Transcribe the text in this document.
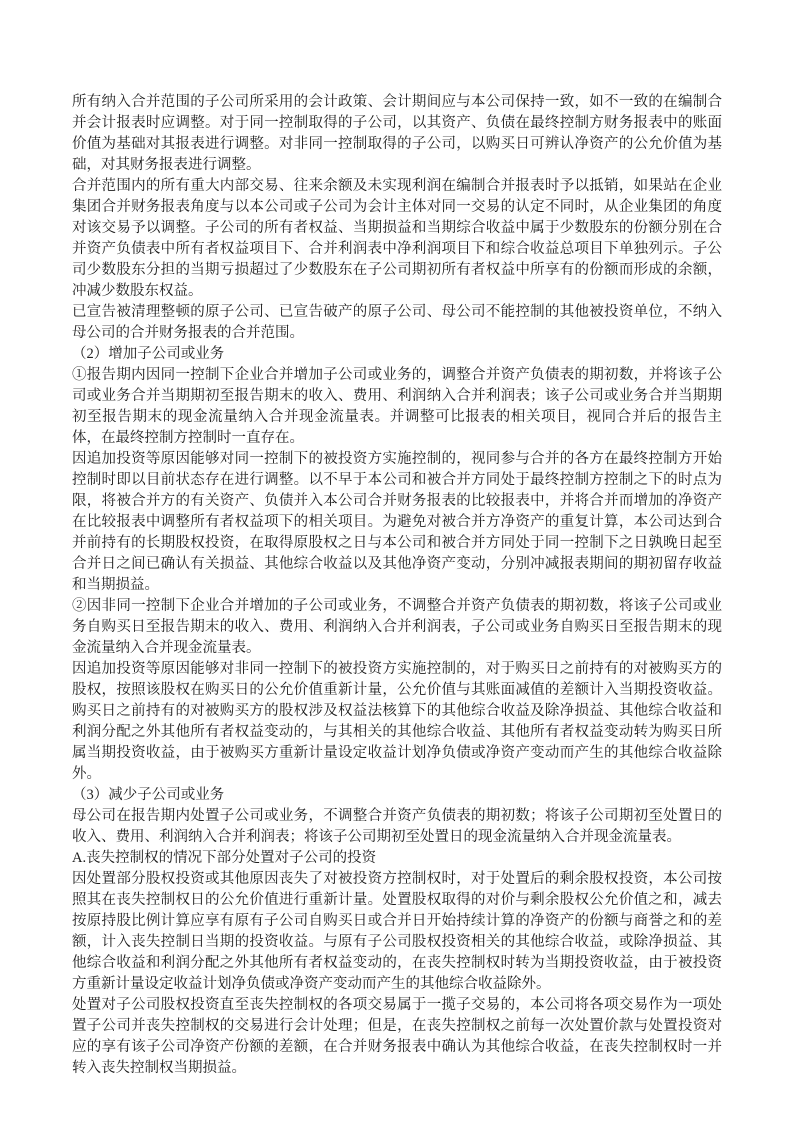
所有纳入合并范围的子公司所采用的会计政策、会计期间应与本公司保持一致，如不一致的在编制合并会计报表时应调整。对于同一控制取得的子公司，以其资产、负债在最终控制方财务报表中的账面价值为基础对其报表进行调整。对非同一控制取得的子公司，以购买日可辨认净资产的公允价值为基础，对其财务报表进行调整。

合并范围内的所有重大内部交易、往来余额及未实现利润在编制合并报表时予以抵销，如果站在企业集团合并财务报表角度与以本公司或子公司为会计主体对同一交易的认定不同时，从企业集团的角度对该交易予以调整。子公司的所有者权益、当期损益和当期综合收益中属于少数股东的份额分别在合并资产负债表中所有者权益项目下、合并利润表中净利润项目下和综合收益总项目下单独列示。子公司少数股东分担的当期亏损超过了少数股东在子公司期初所有者权益中所享有的份额而形成的余额，冲减少数股东权益。

已宣告被清理整顿的原子公司、已宣告破产的原子公司、母公司不能控制的其他被投资单位，不纳入母公司的合并财务报表的合并范围。

（2）增加子公司或业务

①报告期内因同一控制下企业合并增加子公司或业务的，调整合并资产负债表的期初数，并将该子公司或业务合并当期期初至报告期末的收入、费用、利润纳入合并利润表；该子公司或业务合并当期期初至报告期末的现金流量纳入合并现金流量表。并调整可比报表的相关项目，视同合并后的报告主体，在最终控制方控制时一直存在。

因追加投资等原因能够对同一控制下的被投资方实施控制的，视同参与合并的各方在最终控制方开始控制时即以目前状态存在进行调整。以不早于本公司和被合并方同处于最终控制方控制之下的时点为限，将被合并方的有关资产、负债并入本公司合并财务报表的比较报表中，并将合并而增加的净资产在比较报表中调整所有者权益项下的相关项目。为避免对被合并方净资产的重复计算，本公司达到合并前持有的长期股权投资，在取得原股权之日与本公司和被合并方同处于同一控制下之日孰晚日起至合并日之间已确认有关损益、其他综合收益以及其他净资产变动，分别冲减报表期间的期初留存收益和当期损益。

②因非同一控制下企业合并增加的子公司或业务，不调整合并资产负债表的期初数，将该子公司或业务自购买日至报告期末的收入、费用、利润纳入合并利润表，子公司或业务自购买日至报告期末的现金流量纳入合并现金流量表。

因追加投资等原因能够对非同一控制下的被投资方实施控制的，对于购买日之前持有的对被购买方的股权，按照该股权在购买日的公允价值重新计量，公允价值与其账面减值的差额计入当期投资收益。购买日之前持有的对被购买方的股权涉及权益法核算下的其他综合收益及除净损益、其他综合收益和利润分配之外其他所有者权益变动的，与其相关的其他综合收益、其他所有者权益变动转为购买日所属当期投资收益，由于被购买方重新计量设定收益计划净负债或净资产变动而产生的其他综合收益除外。

（3）减少子公司或业务

母公司在报告期内处置子公司或业务，不调整合并资产负债表的期初数；将该子公司期初至处置日的收入、费用、利润纳入合并利润表；将该子公司期初至处置日的现金流量纳入合并现金流量表。

A.丧失控制权的情况下部分处置对子公司的投资

因处置部分股权投资或其他原因丧失了对被投资方控制权时，对于处置后的剩余股权投资，本公司按照其在丧失控制权日的公允价值进行重新计量。处置股权取得的对价与剩余股权公允价值之和，减去按原持股比例计算应享有原有子公司自购买日或合并日开始持续计算的净资产的份额与商誉之和的差额，计入丧失控制日当期的投资收益。与原有子公司股权投资相关的其他综合收益，或除净损益、其他综合收益和利润分配之外其他所有者权益变动的，在丧失控制权时转为当期投资收益，由于被投资方重新计量设定收益计划净负债或净资产变动而产生的其他综合收益除外。

处置对子公司股权投资直至丧失控制权的各项交易属于一揽子交易的，本公司将各项交易作为一项处置子公司并丧失控制权的交易进行会计处理；但是，在丧失控制权之前每一次处置价款与处置投资对应的享有该子公司净资产份额的差额，在合并财务报表中确认为其他综合收益，在丧失控制权时一并转入丧失控制权当期损益。
